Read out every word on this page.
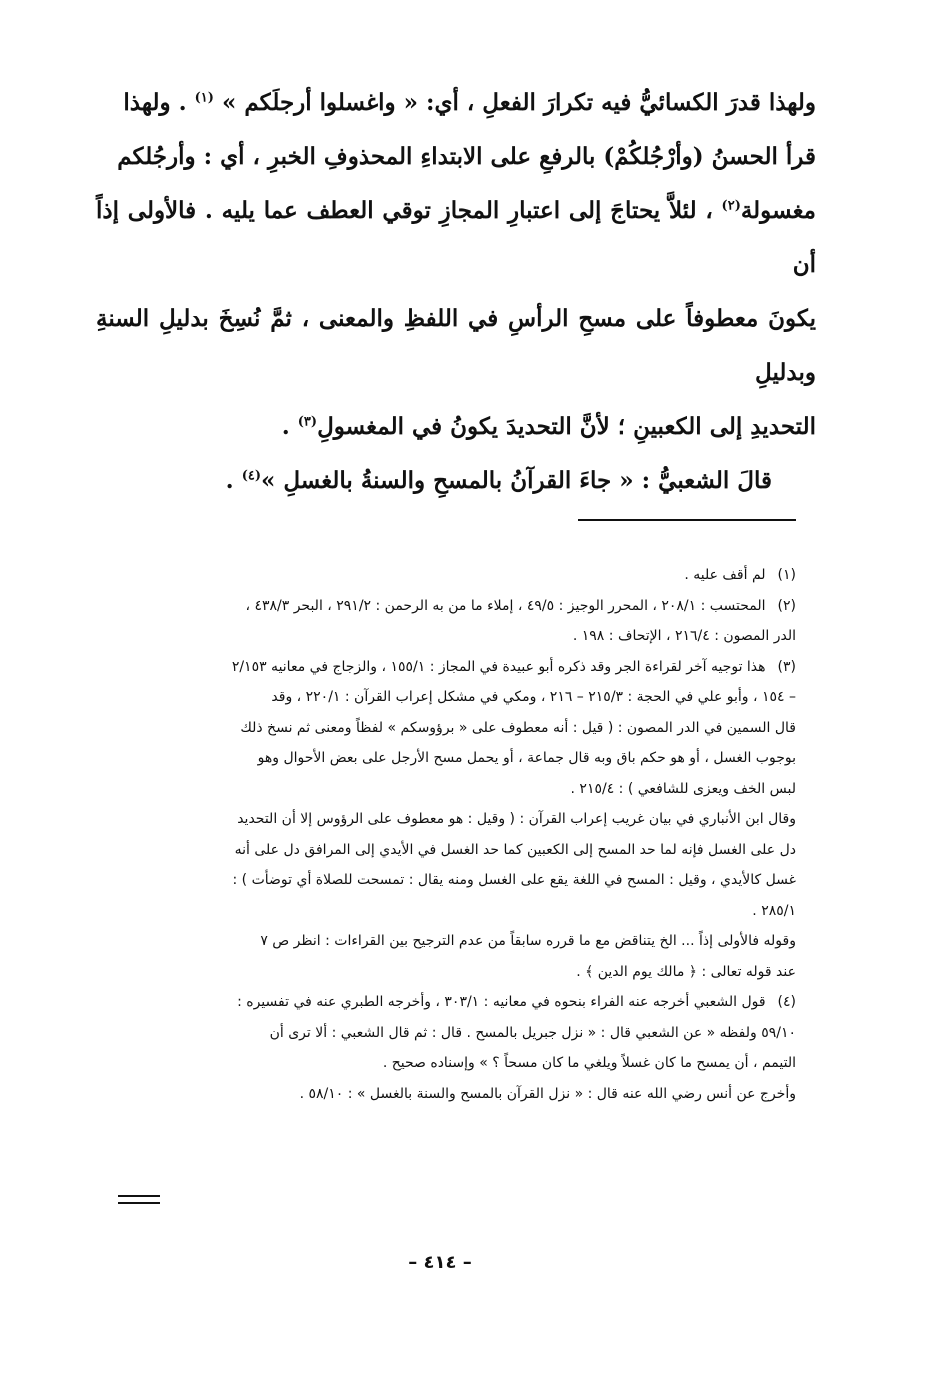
ولهذا قدرَ الكسائيُّ فيه تكرارَ الفعلِ ، أي: « واغسلوا أرجلَكم » $^{(١)}$ . ولهذا

قرأ الحسنُ (وأرْجُلكُمْ) بالرفعِ على الابتداءِ المحذوفِ الخبرِ ، أي : وأرجُلكم

مغسولة$^{(٢)}$ ، لئلاَّ يحتاجَ إلى اعتبارِ المجازِ توقي العطف عما يليه . فالأولى إذاً أن

يكونَ معطوفاً على مسحِ الرأسِ في اللفظِ والمعنى ، ثمَّ نُسِخَ بدليلِ السنةِ وبدليلِ

التحديدِ إلى الكعبينِ ؛ لأنَّ التحديدَ يكونُ في المغسولِ$^{(٣)}$ .

قالَ الشعبيُّ : « جاءَ القرآنُ بالمسحِ والسنةُ بالغسلِ »$^{(٤)}$ .

(١) لم أقف عليه .

(٢) المحتسب : ٢٠٨/١ ، المحرر الوجيز : ٤٩/٥ ، إملاء ما من به الرحمن : ٢٩١/٢ ، البحر ٤٣٨/٣ ،

الدر المصون : ٢١٦/٤ ، الإتحاف : ١٩٨ .

(٣) هذا توجيه آخر لقراءة الجر وقد ذكره أبو عبيدة في المجاز : ١٥٥/١ ، والزجاج في معانيه ٢/١٥٣

– ١٥٤ ، وأبو علي في الحجة : ٢١٥/٣ – ٢١٦ ، ومكي في مشكل إعراب القرآن : ٢٢٠/١ ، وقد

قال السمين في الدر المصون : ( قيل : أنه معطوف على « برؤوسكم » لفظاً ومعنى ثم نسخ ذلك

بوجوب الغسل ، أو هو حكم باق وبه قال جماعة ، أو يحمل مسح الأرجل على بعض الأحوال وهو

لبس الخف ويعزى للشافعي ) : ٢١٥/٤ .

وقال ابن الأنباري في بيان غريب إعراب القرآن : ( وقيل : هو معطوف على الرؤوس إلا أن التحديد

دل على الغسل فإنه لما حد المسح إلى الكعبين كما حد الغسل في الأيدي إلى المرافق دل على أنه

غسل كالأيدي ، وقيل : المسح في اللغة يقع على الغسل ومنه يقال : تمسحت للصلاة أي توضأت ) :

٢٨٥/١ .

وقوله فالأولى إذاً ... الخ يتناقض مع ما قرره سابقاً من عدم الترجيح بين القراءات : انظر ص ٧

عند قوله تعالى : ﴿ مالك يوم الدين ﴾ .

(٤) قول الشعبي أخرجه عنه الفراء بنحوه في معانيه : ٣٠٣/١ ، وأخرجه الطبري عنه في تفسيره :

٥٩/١٠ ولفظه « عن الشعبي قال : « نزل جبريل بالمسح . قال : ثم قال الشعبي : ألا ترى أن

التيمم ، أن يمسح ما كان غسلاً ويلغي ما كان مسحاً ؟ » وإسناده صحيح .

وأخرج عن أنس رضي الله عنه قال : « نزل القرآن بالمسح والسنة بالغسل » : ٥٨/١٠ .

– ٤١٤ –
